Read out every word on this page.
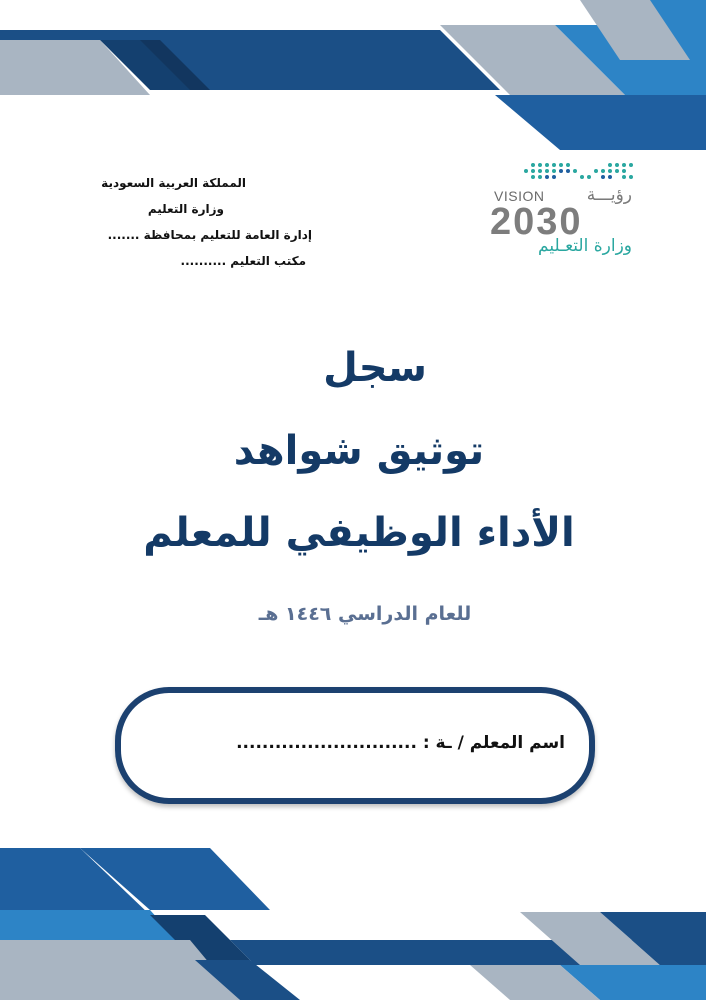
المملكة العربية السعودية
وزارة التعليم
إدارة العامة للتعليم بمحافظة .......
مكتب التعليم ..........
VISION رؤيـــة
2030
وزارة التعـليم
سجل
توثيق شواهد
الأداء الوظيفي للمعلم
للعام الدراسي ١٤٤٦ هـ
اسم المعلم / ـة : ............................
